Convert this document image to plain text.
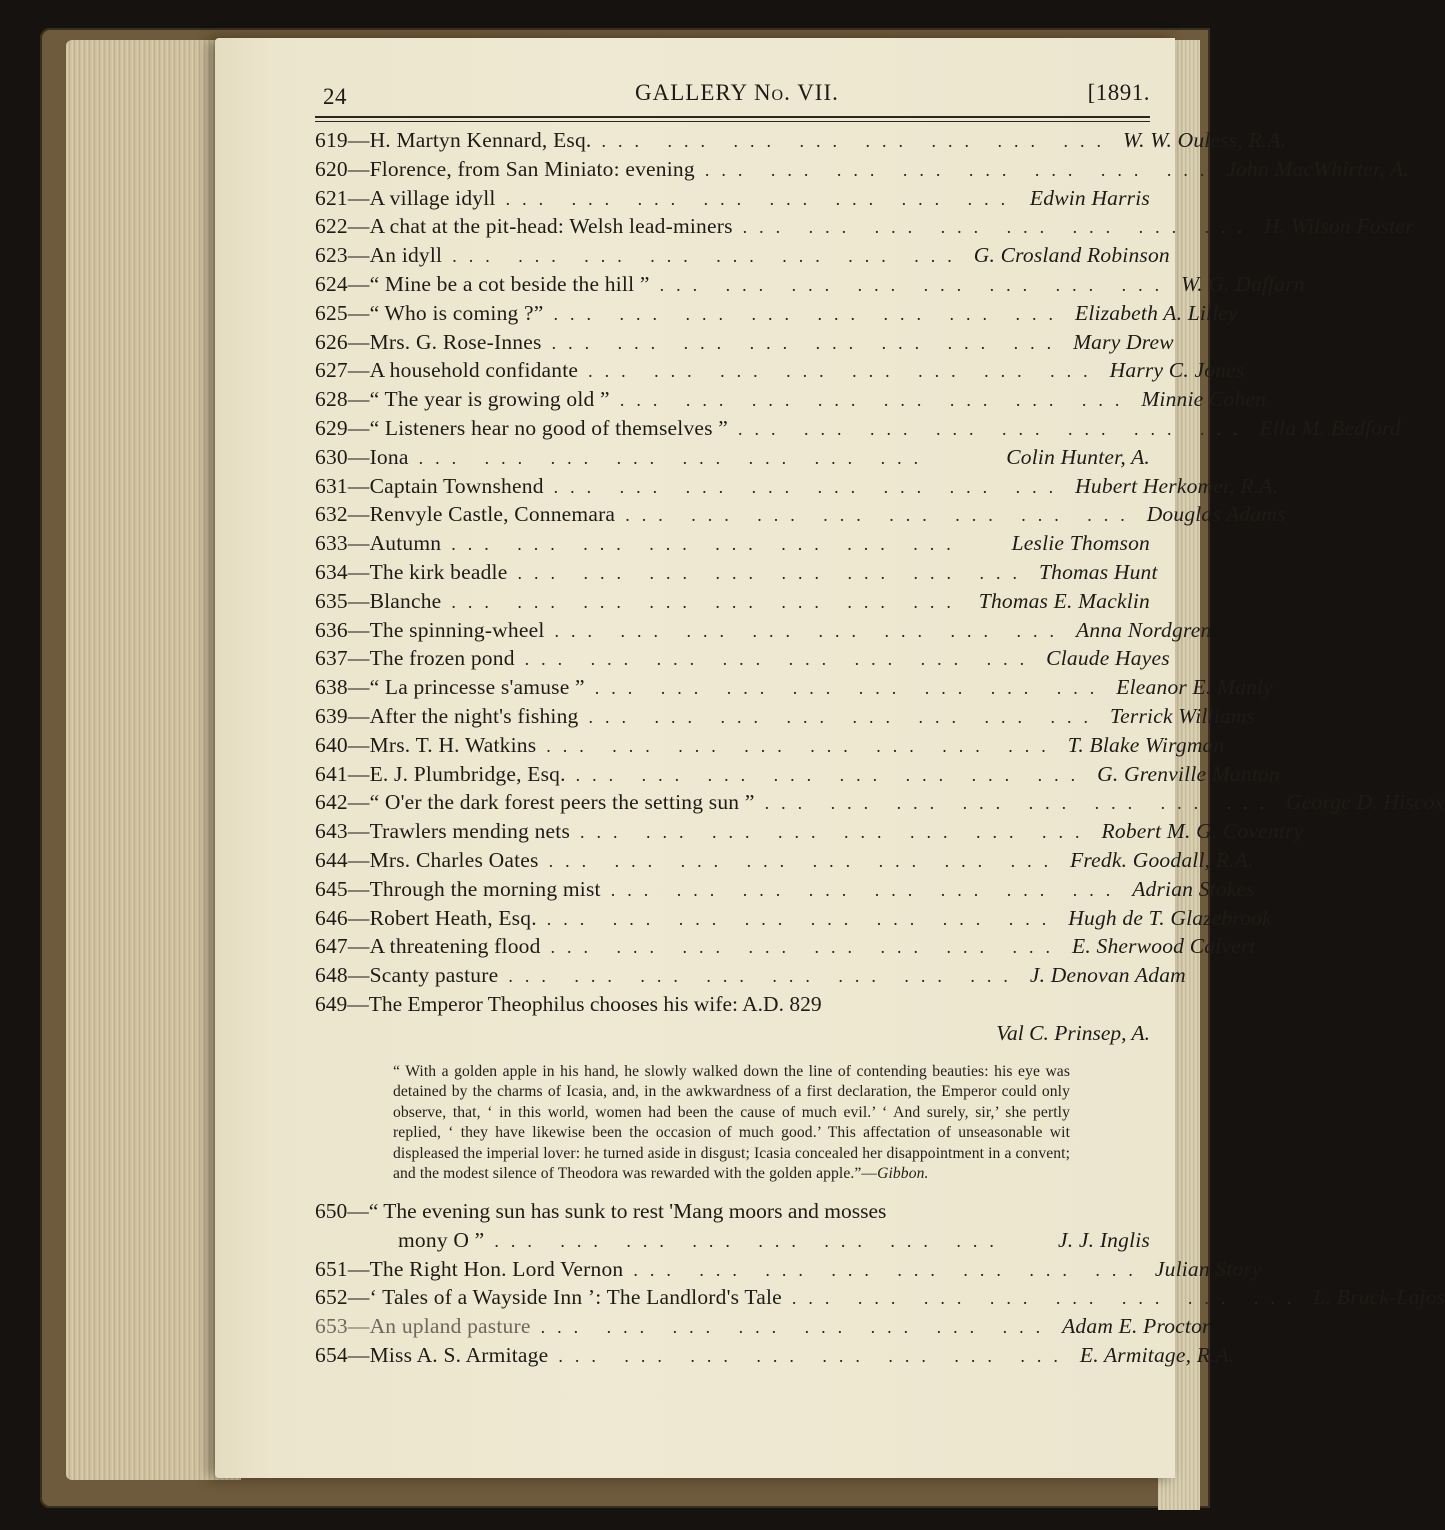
24	GALLERY No. VII.	[1891.
619 — H. Martyn Kennard, Esq. ... ... ... ... ... ... ... ... W. W. Ouless, R.A.
620 — Florence, from San Miniato: evening ... ... ... ... ... ... ... ... John MacWhirter, A.
621 — A village idyll ... ... ... ... ... ... ... ... Edwin Harris
622 — A chat at the pit-head: Welsh lead-miners ... ... ... ... ... ... ... ... H. Wilson Foster
623 — An idyll ... ... ... ... ... ... ... ... G. Crosland Robinson
624 — “ Mine be a cot beside the hill ” ... ... ... ... ... ... ... ... W. G. Daffarn
625 — “ Who is coming ?” ... ... ... ... ... ... ... ... Elizabeth A. Lilley
626 — Mrs. G. Rose-Innes ... ... ... ... ... ... ... ... Mary Drew
627 — A household confidante ... ... ... ... ... ... ... ... Harry C. Jones
628 — “ The year is growing old ” ... ... ... ... ... ... ... ... Minnie Cohen
629 — “ Listeners hear no good of themselves ” ... ... ... ... ... ... ... ... Ella M. Bedford
630 — Iona ... ... ... ... ... ... ... ...	Colin Hunter, A.
631 — Captain Townshend ... ... ... ... ... ... ... ... Hubert Herkomer, R.A.
632 — Renvyle Castle, Connemara ... ... ... ... ... ... ... ... Douglas Adams
633 — Autumn ... ... ... ... ... ... ... ...	Leslie Thomson
634 — The kirk beadle ... ... ... ... ... ... ... ... Thomas Hunt
635 — Blanche ... ... ... ... ... ... ... ... Thomas E. Macklin
636 — The spinning-wheel ... ... ... ... ... ... ... ... Anna Nordgren
637 — The frozen pond ... ... ... ... ... ... ... ... Claude Hayes
638 — “ La princesse s'amuse ” ... ... ... ... ... ... ... ... Eleanor E. Manly
639 — After the night's fishing ... ... ... ... ... ... ... ... Terrick Williams
640 — Mrs. T. H. Watkins ... ... ... ... ... ... ... ... T. Blake Wirgman
641 — E. J. Plumbridge, Esq. ... ... ... ... ... ... ... ... G. Grenville Manton
642 — “ O'er the dark forest peers the setting sun ” ... ... ... ... ... ... ... ... George D. Hiscox
643 — Trawlers mending nets ... ... ... ... ... ... ... ... Robert M. G. Coventry
644 — Mrs. Charles Oates ... ... ... ... ... ... ... ... Fredk. Goodall, R.A.
645 — Through the morning mist ... ... ... ... ... ... ... ... Adrian Stokes
646 — Robert Heath, Esq. ... ... ... ... ... ... ... ... Hugh de T. Glazebrook
647 — A threatening flood ... ... ... ... ... ... ... ... E. Sherwood Calvert
648 — Scanty pasture ... ... ... ... ... ... ... ... J. Denovan Adam
649 — The Emperor Theophilus chooses his wife: A.D. 829
Val C. Prinsep, A.

“ With a golden apple in his hand, he slowly walked down the line of contending beauties: his eye was detained by the charms of Icasia, and, in the awkwardness of a first declaration, the Emperor could only observe, that, ‘ in this world, women had been the cause of much evil.’ ‘ And surely, sir,’ she pertly replied, ‘ they have likewise been the occasion of much good.’ This affectation of unseasonable wit displeased the imperial lover: he turned aside in disgust; Icasia concealed her disappointment in a convent; and the modest silence of Theodora was rewarded with the golden apple.”—Gibbon.

650 — “ The evening sun has sunk to rest 'Mang moors and mosses
mony O ” ... ... ... ... ... ... ... ...	J. J. Inglis
651 — The Right Hon. Lord Vernon ... ... ... ... ... ... ... ... Julian Story
652 — ‘ Tales of a Wayside Inn ’: The Landlord's Tale ... ... ... ... ... ... ... ... L. Bruck-Lajos
653 — An upland pasture ... ... ... ... ... ... ... ... Adam E. Proctor
654 — Miss A. S. Armitage ... ... ... ... ... ... ... ... E. Armitage, R.A.
